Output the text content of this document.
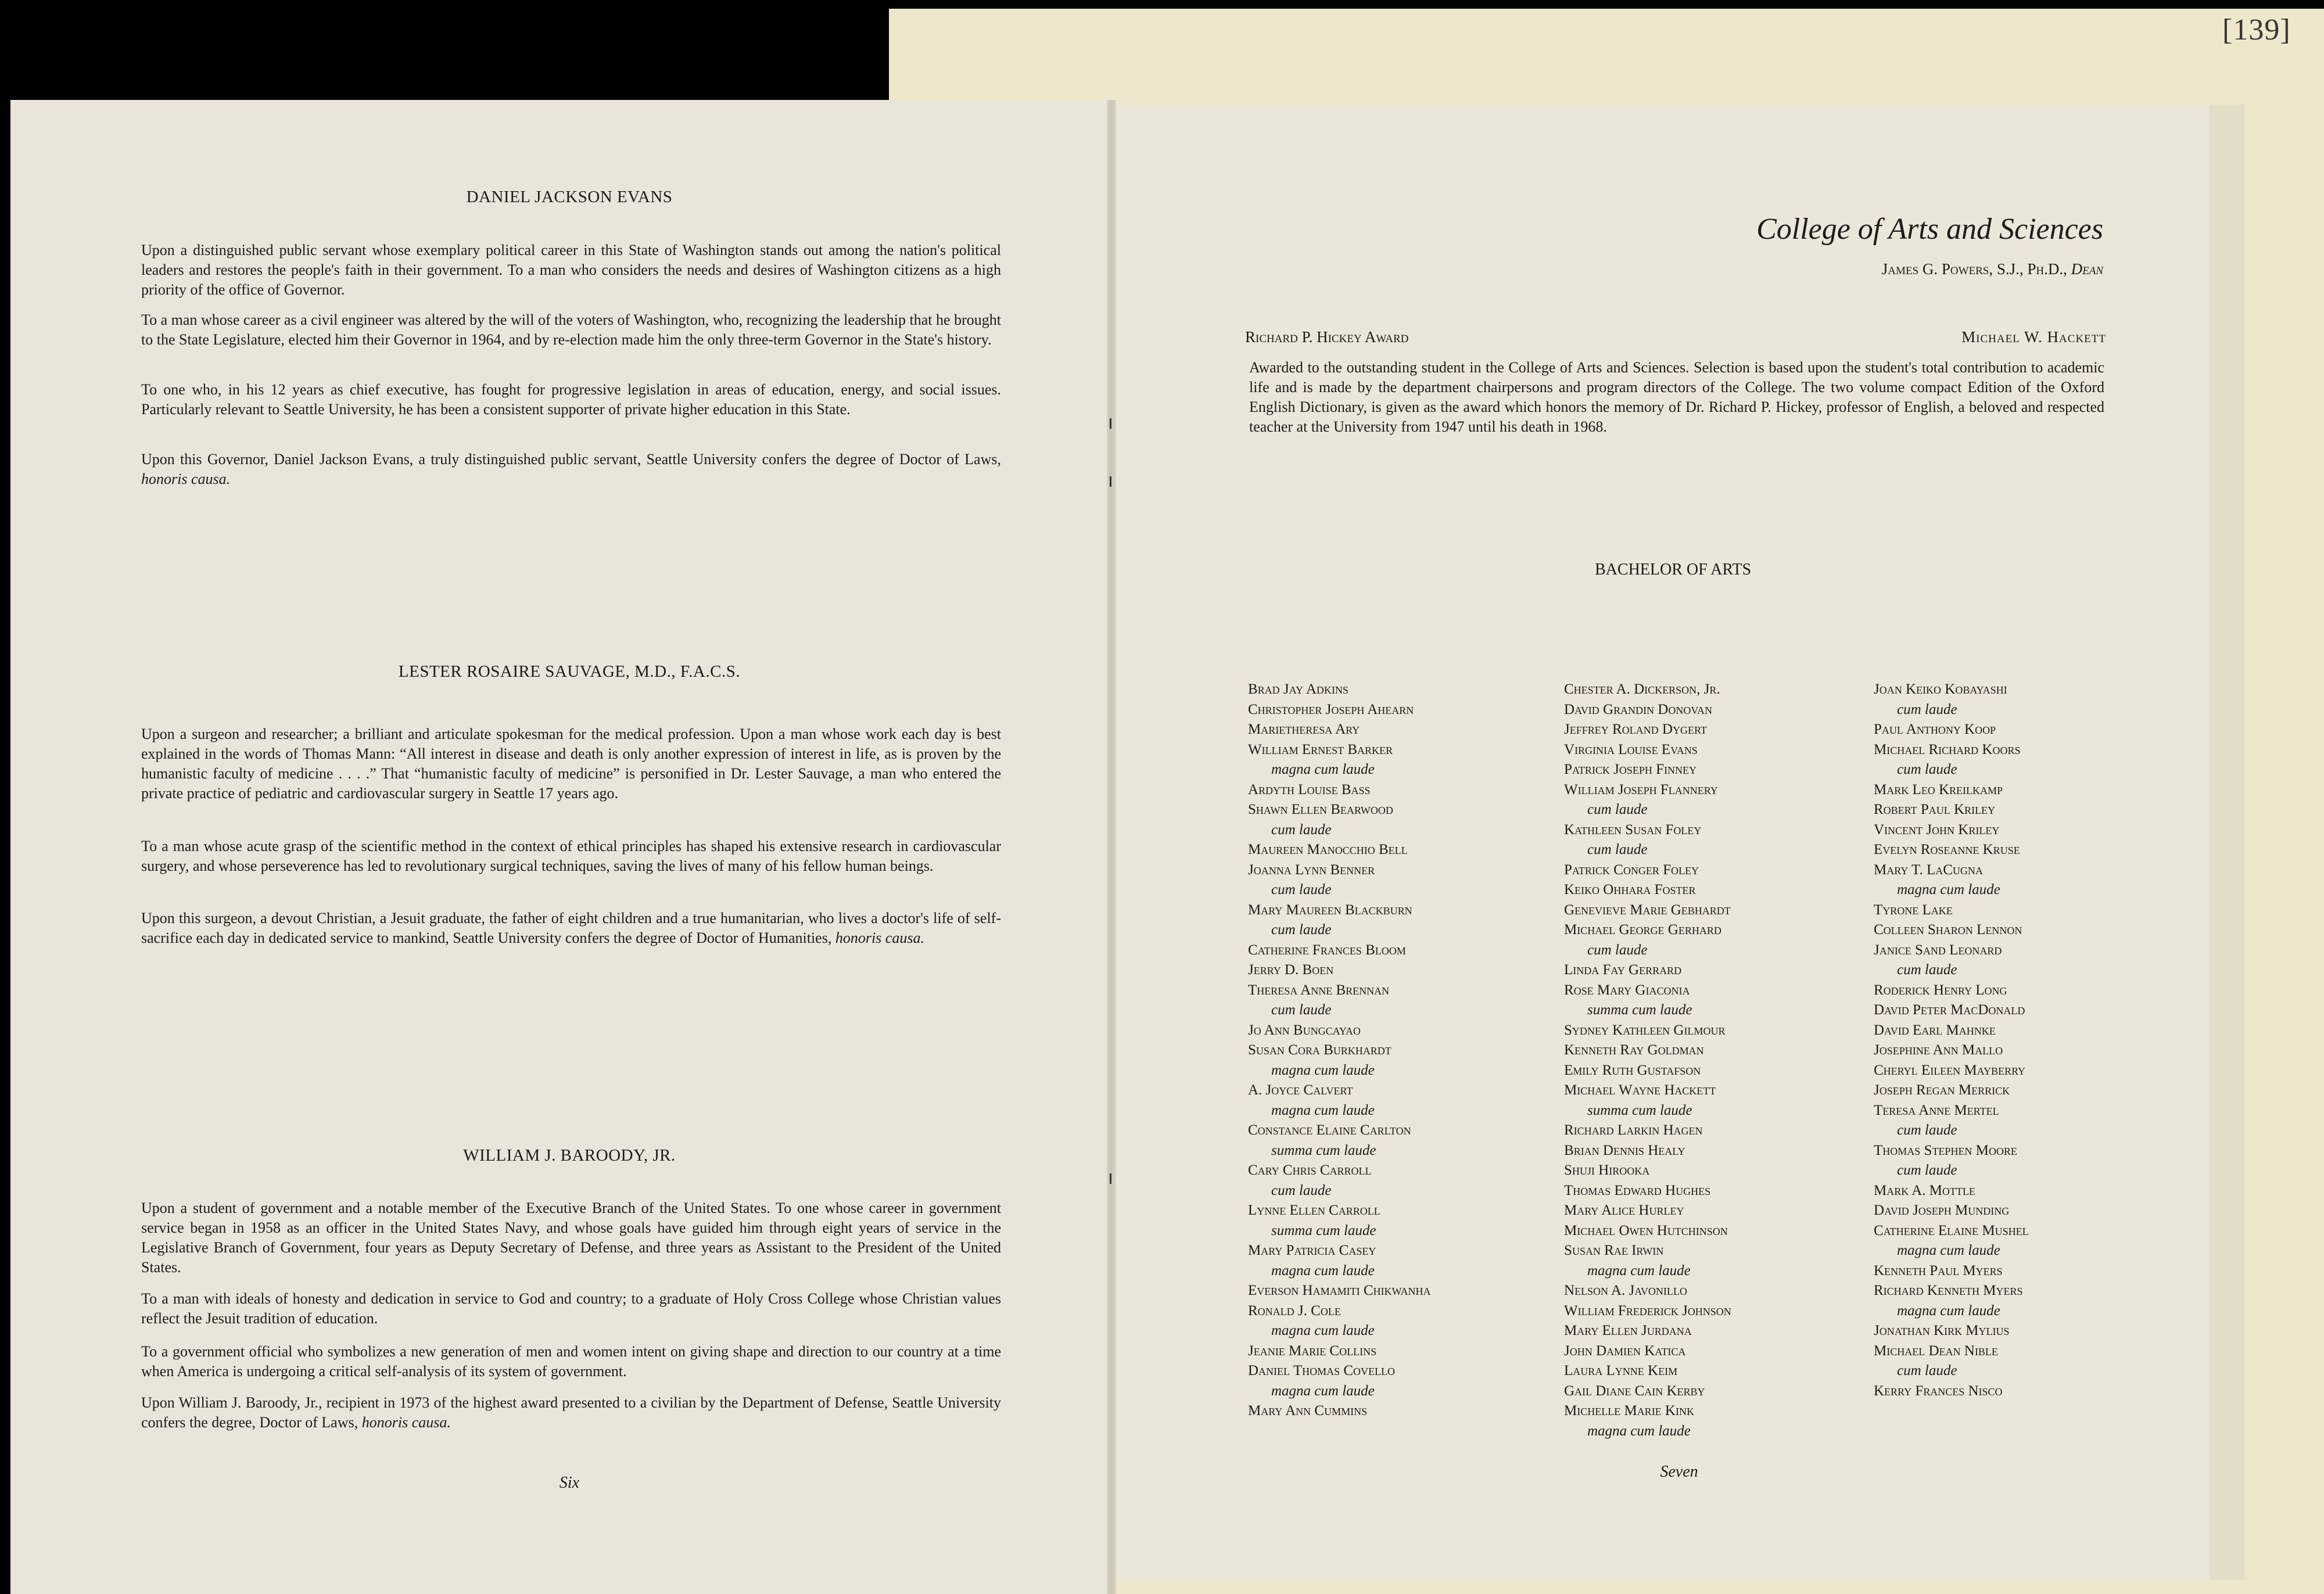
[139]
DANIEL JACKSON EVANS

Upon a distinguished public servant whose exemplary political career in this State of Washington stands out among the nation's political leaders and restores the people's faith in their government. To a man who considers the needs and desires of Washington citizens as a high priority of the office of Governor.

To a man whose career as a civil engineer was altered by the will of the voters of Washington, who, recognizing the leadership that he brought to the State Legislature, elected him their Governor in 1964, and by re-election made him the only three-term Governor in the State's history.

To one who, in his 12 years as chief executive, has fought for progressive legislation in areas of education, energy, and social issues. Particularly relevant to Seattle University, he has been a consistent supporter of private higher education in this State.

Upon this Governor, Daniel Jackson Evans, a truly distinguished public servant, Seattle University confers the degree of Doctor of Laws, honoris causa.

LESTER ROSAIRE SAUVAGE, M.D., F.A.C.S.

Upon a surgeon and researcher; a brilliant and articulate spokesman for the medical profession. Upon a man whose work each day is best explained in the words of Thomas Mann: “All interest in disease and death is only another expression of interest in life, as is proven by the humanistic faculty of medicine . . . .” That “humanistic faculty of medicine” is personified in Dr. Lester Sauvage, a man who entered the private practice of pediatric and cardiovascular surgery in Seattle 17 years ago.

To a man whose acute grasp of the scientific method in the context of ethical principles has shaped his extensive research in cardiovascular surgery, and whose perseverence has led to revolutionary surgical techniques, saving the lives of many of his fellow human beings.

Upon this surgeon, a devout Christian, a Jesuit graduate, the father of eight children and a true humanitarian, who lives a doctor's life of self-sacrifice each day in dedicated service to mankind, Seattle University confers the degree of Doctor of Humanities, honoris causa.

WILLIAM J. BAROODY, JR.

Upon a student of government and a notable member of the Executive Branch of the United States. To one whose career in government service began in 1958 as an officer in the United States Navy, and whose goals have guided him through eight years of service in the Legislative Branch of Government, four years as Deputy Secretary of Defense, and three years as Assistant to the President of the United States.

To a man with ideals of honesty and dedication in service to God and country; to a graduate of Holy Cross College whose Christian values reflect the Jesuit tradition of education.

To a government official who symbolizes a new generation of men and women intent on giving shape and direction to our country at a time when America is undergoing a critical self-analysis of its system of government.

Upon William J. Baroody, Jr., recipient in 1973 of the highest award presented to a civilian by the Department of Defense, Seattle University confers the degree, Doctor of Laws, honoris causa.

Six
College of Arts and Sciences
James G. Powers, S.J., Ph.D., Dean
Richard P. Hickey Award	Michael W. Hackett

Awarded to the outstanding student in the College of Arts and Sciences. Selection is based upon the student's total contribution to academic life and is made by the department chairpersons and program directors of the College. The two volume compact Edition of the Oxford English Dictionary, is given as the award which honors the memory of Dr. Richard P. Hickey, professor of English, a beloved and respected teacher at the University from 1947 until his death in 1968.

BACHELOR OF ARTS
Brad Jay Adkins
Christopher Joseph Ahearn
Marietheresa Ary
William Ernest Barker
magna cum laude
Ardyth Louise Bass
Shawn Ellen Bearwood
cum laude
Maureen Manocchio Bell
Joanna Lynn Benner
cum laude
Mary Maureen Blackburn
cum laude
Catherine Frances Bloom
Jerry D. Boen
Theresa Anne Brennan
cum laude
Jo Ann Bungcayao
Susan Cora Burkhardt
magna cum laude
A. Joyce Calvert
magna cum laude
Constance Elaine Carlton
summa cum laude
Cary Chris Carroll
cum laude
Lynne Ellen Carroll
summa cum laude
Mary Patricia Casey
magna cum laude
Everson Hamamiti Chikwanha
Ronald J. Cole
magna cum laude
Jeanie Marie Collins
Daniel Thomas Covello
magna cum laude
Mary Ann Cummins
Chester A. Dickerson, Jr.
David Grandin Donovan
Jeffrey Roland Dygert
Virginia Louise Evans
Patrick Joseph Finney
William Joseph Flannery
cum laude
Kathleen Susan Foley
cum laude
Patrick Conger Foley
Keiko Ohhara Foster
Genevieve Marie Gebhardt
Michael George Gerhard
cum laude
Linda Fay Gerrard
Rose Mary Giaconia
summa cum laude
Sydney Kathleen Gilmour
Kenneth Ray Goldman
Emily Ruth Gustafson
Michael Wayne Hackett
summa cum laude
Richard Larkin Hagen
Brian Dennis Healy
Shuji Hirooka
Thomas Edward Hughes
Mary Alice Hurley
Michael Owen Hutchinson
Susan Rae Irwin
magna cum laude
Nelson A. Javonillo
William Frederick Johnson
Mary Ellen Jurdana
John Damien Katica
Laura Lynne Keim
Gail Diane Cain Kerby
Michelle Marie Kink
magna cum laude
Joan Keiko Kobayashi
cum laude
Paul Anthony Koop
Michael Richard Koors
cum laude
Mark Leo Kreilkamp
Robert Paul Kriley
Vincent John Kriley
Evelyn Roseanne Kruse
Mary T. LaCugna
magna cum laude
Tyrone Lake
Colleen Sharon Lennon
Janice Sand Leonard
cum laude
Roderick Henry Long
David Peter MacDonald
David Earl Mahnke
Josephine Ann Mallo
Cheryl Eileen Mayberry
Joseph Regan Merrick
Teresa Anne Mertel
cum laude
Thomas Stephen Moore
cum laude
Mark A. Mottle
David Joseph Munding
Catherine Elaine Mushel
magna cum laude
Kenneth Paul Myers
Richard Kenneth Myers
magna cum laude
Jonathan Kirk Mylius
Michael Dean Nible
cum laude
Kerry Frances Nisco
Seven
